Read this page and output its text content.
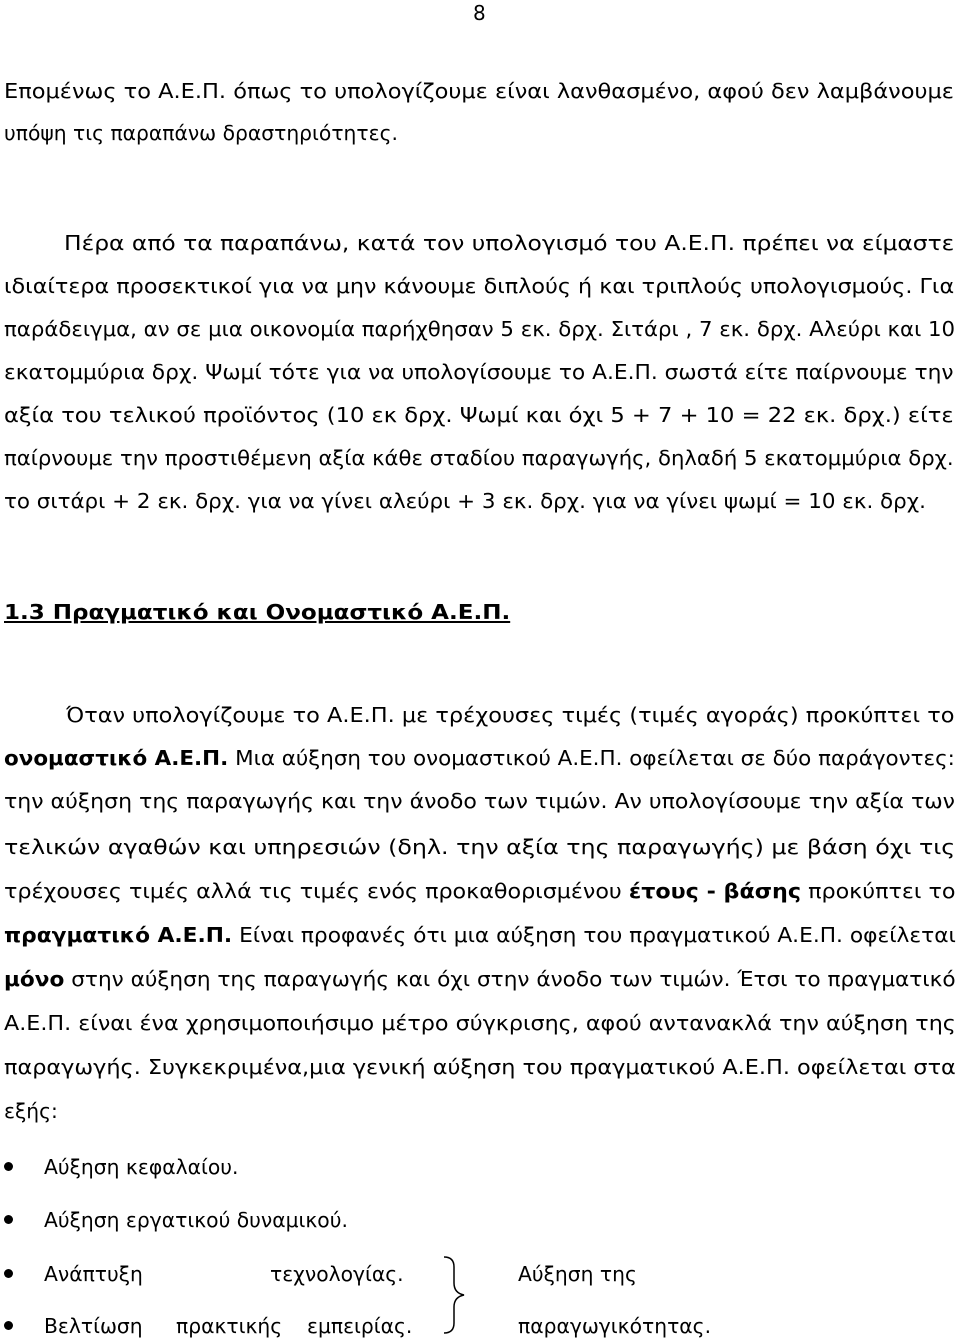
8
Επομένως το Α.Ε.Π. όπως το υπολογίζουμε είναι λανθασμένο, αφού δεν λαμβάνουμε
υπόψη τις παραπάνω δραστηριότητες.
Πέρα από τα παραπάνω, κατά τον υπολογισμό του Α.Ε.Π. πρέπει να είμαστε
ιδιαίτερα προσεκτικοί για να μην κάνουμε διπλούς ή και τριπλούς υπολογισμούς. Για
παράδειγμα, αν σε μια οικονομία παρήχθησαν 5 εκ. δρχ. Σιτάρι , 7 εκ. δρχ. Αλεύρι και 10
εκατομμύρια δρχ. Ψωμί τότε για να υπολογίσουμε το Α.Ε.Π. σωστά είτε παίρνουμε την
αξία του τελικού προϊόντος (10 εκ δρχ. Ψωμί και όχι 5 + 7 + 10 = 22 εκ. δρχ.) είτε
παίρνουμε την προστιθέμενη αξία κάθε σταδίου παραγωγής, δηλαδή 5 εκατομμύρια δρχ.
το σιτάρι + 2 εκ. δρχ. για να γίνει αλεύρι + 3 εκ. δρχ. για να γίνει ψωμί = 10 εκ. δρχ.
1.3 Πραγματικό και Ονομαστικό Α.Ε.Π.
Όταν υπολογίζουμε το Α.Ε.Π. με τρέχουσες τιμές (τιμές αγοράς) προκύπτει το
ονομαστικό Α.Ε.Π. Μια αύξηση του ονομαστικού Α.Ε.Π. οφείλεται σε δύο παράγοντες:
την αύξηση της παραγωγής και την άνοδο των τιμών. Αν υπολογίσουμε την αξία των
τελικών αγαθών και υπηρεσιών (δηλ. την αξία της παραγωγής) με βάση όχι τις
τρέχουσες τιμές αλλά τις τιμές ενός προκαθορισμένου έτους - βάσης προκύπτει το
πραγματικό Α.Ε.Π. Είναι προφανές ότι μια αύξηση του πραγματικού Α.Ε.Π. οφείλεται
μόνο στην αύξηση της παραγωγής και όχι στην άνοδο των τιμών. Έτσι το πραγματικό
Α.Ε.Π. είναι ένα χρησιμοποιήσιμο μέτρο σύγκρισης, αφού αντανακλά την αύξηση της
παραγωγής. Συγκεκριμένα,μια γενική αύξηση του πραγματικού Α.Ε.Π. οφείλεται στα
εξής:
Αύξηση κεφαλαίου.
Αύξηση εργατικού δυναμικού.
Ανάπτυξη	τεχνολογίας.	Αύξηση της
Βελτίωση πρακτικής εμπειρίας.	παραγωγικότητας.
